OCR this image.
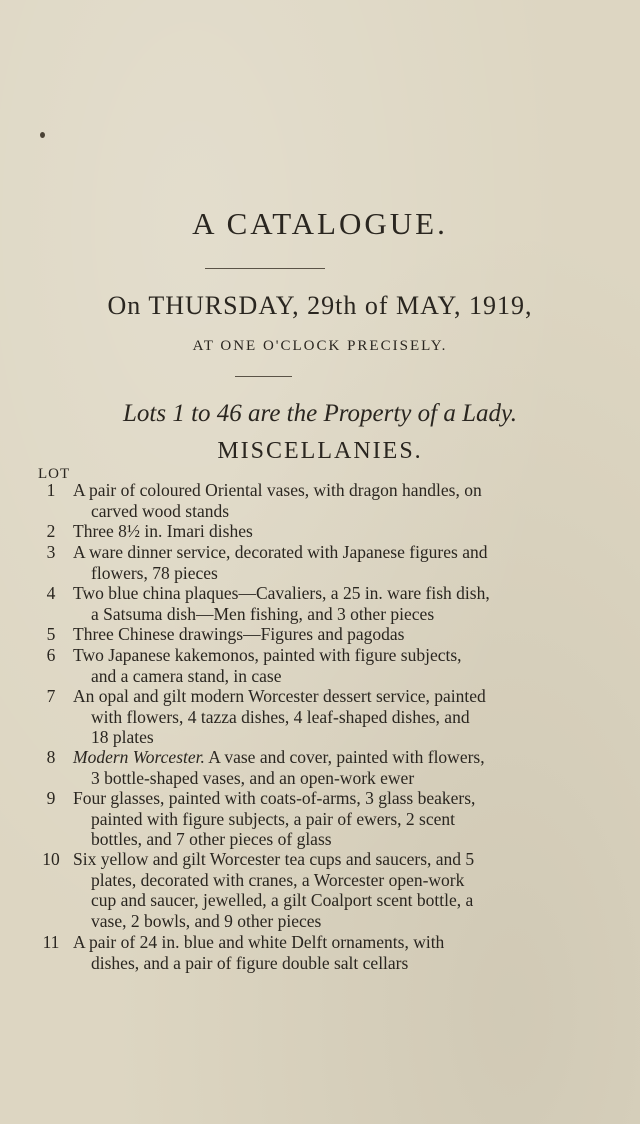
A CATALOGUE.
On THURSDAY, 29th of MAY, 1919,
AT ONE O'CLOCK PRECISELY.
Lots 1 to 46 are the Property of a Lady.
MISCELLANIES.
LOT
1	A pair of coloured Oriental vases, with dragon handles, on
carved wood stands
2	Three 8½ in. Imari dishes
3	A ware dinner service, decorated with Japanese figures and
flowers, 78 pieces
4	Two blue china plaques—Cavaliers, a 25 in. ware fish dish,
a Satsuma dish—Men fishing, and 3 other pieces
5	Three Chinese drawings—Figures and pagodas
6	Two Japanese kakemonos, painted with figure subjects,
and a camera stand, in case
7	An opal and gilt modern Worcester dessert service, painted
with flowers, 4 tazza dishes, 4 leaf-shaped dishes, and
18 plates
8	Modern Worcester. A vase and cover, painted with flowers,
3 bottle-shaped vases, and an open-work ewer
9	Four glasses, painted with coats-of-arms, 3 glass beakers,
painted with figure subjects, a pair of ewers, 2 scent
bottles, and 7 other pieces of glass
10 Six yellow and gilt Worcester tea cups and saucers, and 5
plates, decorated with cranes, a Worcester open-work
cup and saucer, jewelled, a gilt Coalport scent bottle, a
vase, 2 bowls, and 9 other pieces
11 A pair of 24 in. blue and white Delft ornaments, with
dishes, and a pair of figure double salt cellars
